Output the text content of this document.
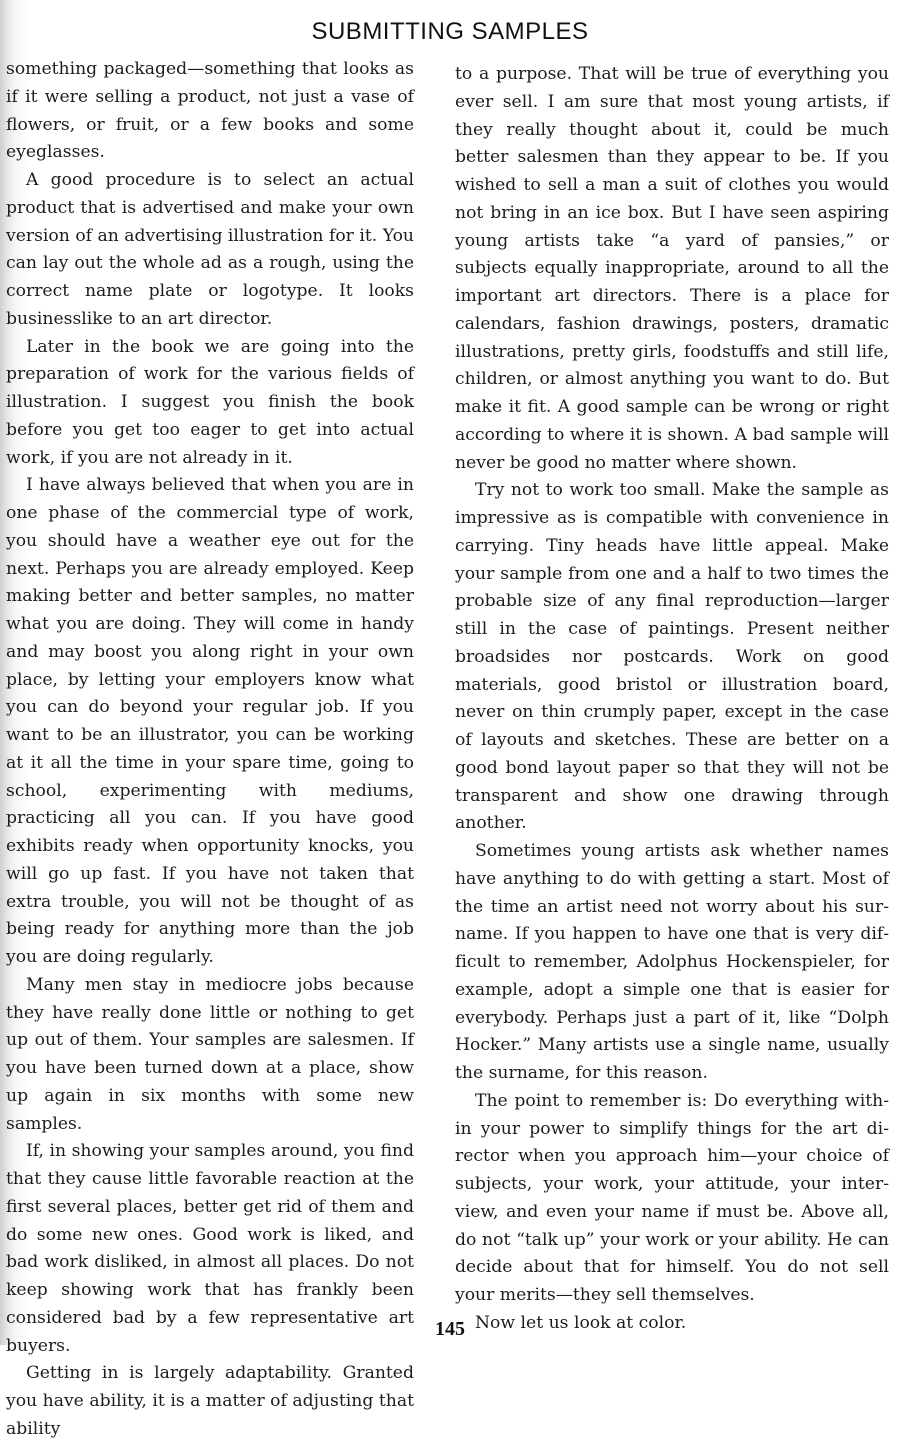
SUBMITTING SAMPLES

something packaged—something that looks as if it were selling a product, not just a vase of flowers, or fruit, or a few books and some eyeglasses.

A good procedure is to select an actual product that is advertised and make your own version of an advertising illustration for it. You can lay out the whole ad as a rough, using the correct name plate or logotype. It looks businesslike to an art director.

Later in the book we are going into the preparation of work for the various fields of illustration. I suggest you finish the book before you get too eager to get into actual work, if you are not already in it.

I have always believed that when you are in one phase of the commercial type of work, you should have a weather eye out for the next. Perhaps you are already employed. Keep making better and better samples, no matter what you are doing. They will come in handy and may boost you along right in your own place, by letting your employers know what you can do beyond your regular job. If you want to be an illustrator, you can be working at it all the time in your spare time, going to school, experimenting with mediums, practicing all you can. If you have good exhibits ready when opportunity knocks, you will go up fast. If you have not taken that extra trouble, you will not be thought of as being ready for anything more than the job you are doing regularly.

Many men stay in mediocre jobs because they have really done little or nothing to get up out of them. Your samples are salesmen. If you have been turned down at a place, show up again in six months with some new samples.

If, in showing your samples around, you find that they cause little favorable reaction at the first several places, better get rid of them and do some new ones. Good work is liked, and bad work disliked, in almost all places. Do not keep showing work that has frankly been considered bad by a few representative art buyers.

Getting in is largely adaptability. Granted you have ability, it is a matter of adjusting that ability

to a purpose. That will be true of everything you ever sell. I am sure that most young artists, if they really thought about it, could be much better salesmen than they appear to be. If you wished to sell a man a suit of clothes you would not bring in an ice box. But I have seen aspiring young artists take “a yard of pansies,” or subjects equally inappropriate, around to all the important art directors. There is a place for calendars, fashion drawings, posters, dramatic illustrations, pretty girls, foodstuffs and still life, children, or almost anything you want to do. But make it fit. A good sample can be wrong or right according to where it is shown. A bad sample will never be good no matter where shown.

Try not to work too small. Make the sample as impressive as is compatible with convenience in carrying. Tiny heads have little appeal. Make your sample from one and a half to two times the probable size of any final reproduction—larger still in the case of paintings. Present neither broadsides nor postcards. Work on good materials, good bristol or illustration board, never on thin crumply paper, except in the case of layouts and sketches. These are better on a good bond layout paper so that they will not be transparent and show one drawing through another.

Sometimes young artists ask whether names have anything to do with getting a start. Most of the time an artist need not worry about his surname. If you happen to have one that is very difficult to remember, Adolphus Hockenspieler, for example, adopt a simple one that is easier for everybody. Perhaps just a part of it, like “Dolph Hocker.” Many artists use a single name, usually the surname, for this reason.

The point to remember is: Do everything within your power to simplify things for the art director when you approach him—your choice of subjects, your work, your attitude, your interview, and even your name if must be. Above all, do not “talk up” your work or your ability. He can decide about that for himself. You do not sell your merits—they sell themselves.

Now let us look at color.

145
